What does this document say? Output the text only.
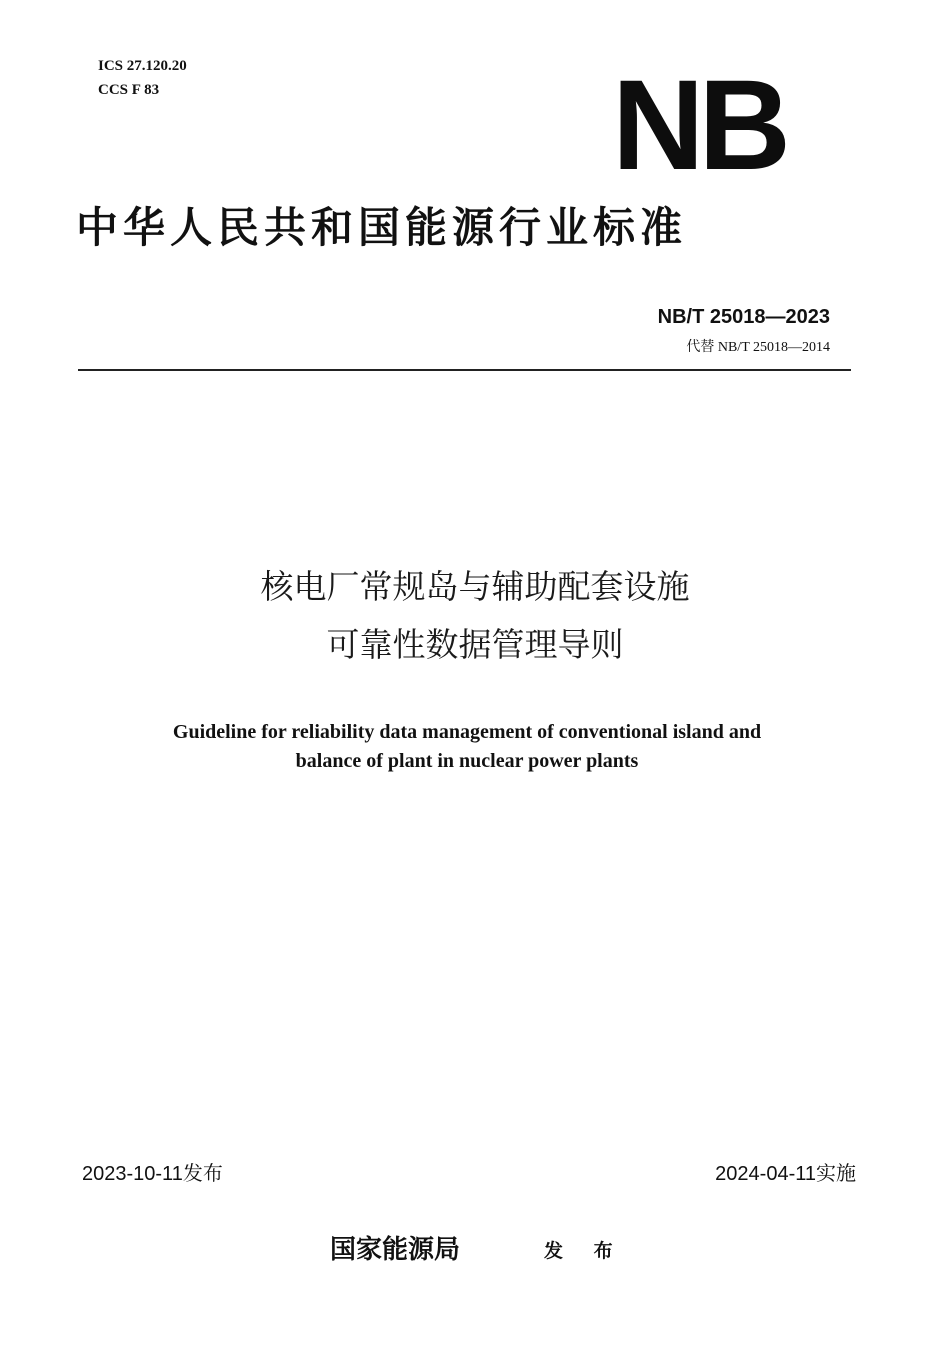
ICS 27.120.20
CCS F 83	NB
中华人民共和国能源行业标准
NB/T 25018—2023
代替 NB/T 25018—2014
核电厂常规岛与辅助配套设施
可靠性数据管理导则
Guideline for reliability data management of conventional island and
balance of plant in nuclear power plants
2023-10-11发布	2024-04-11实施
国家能源局	发 布
